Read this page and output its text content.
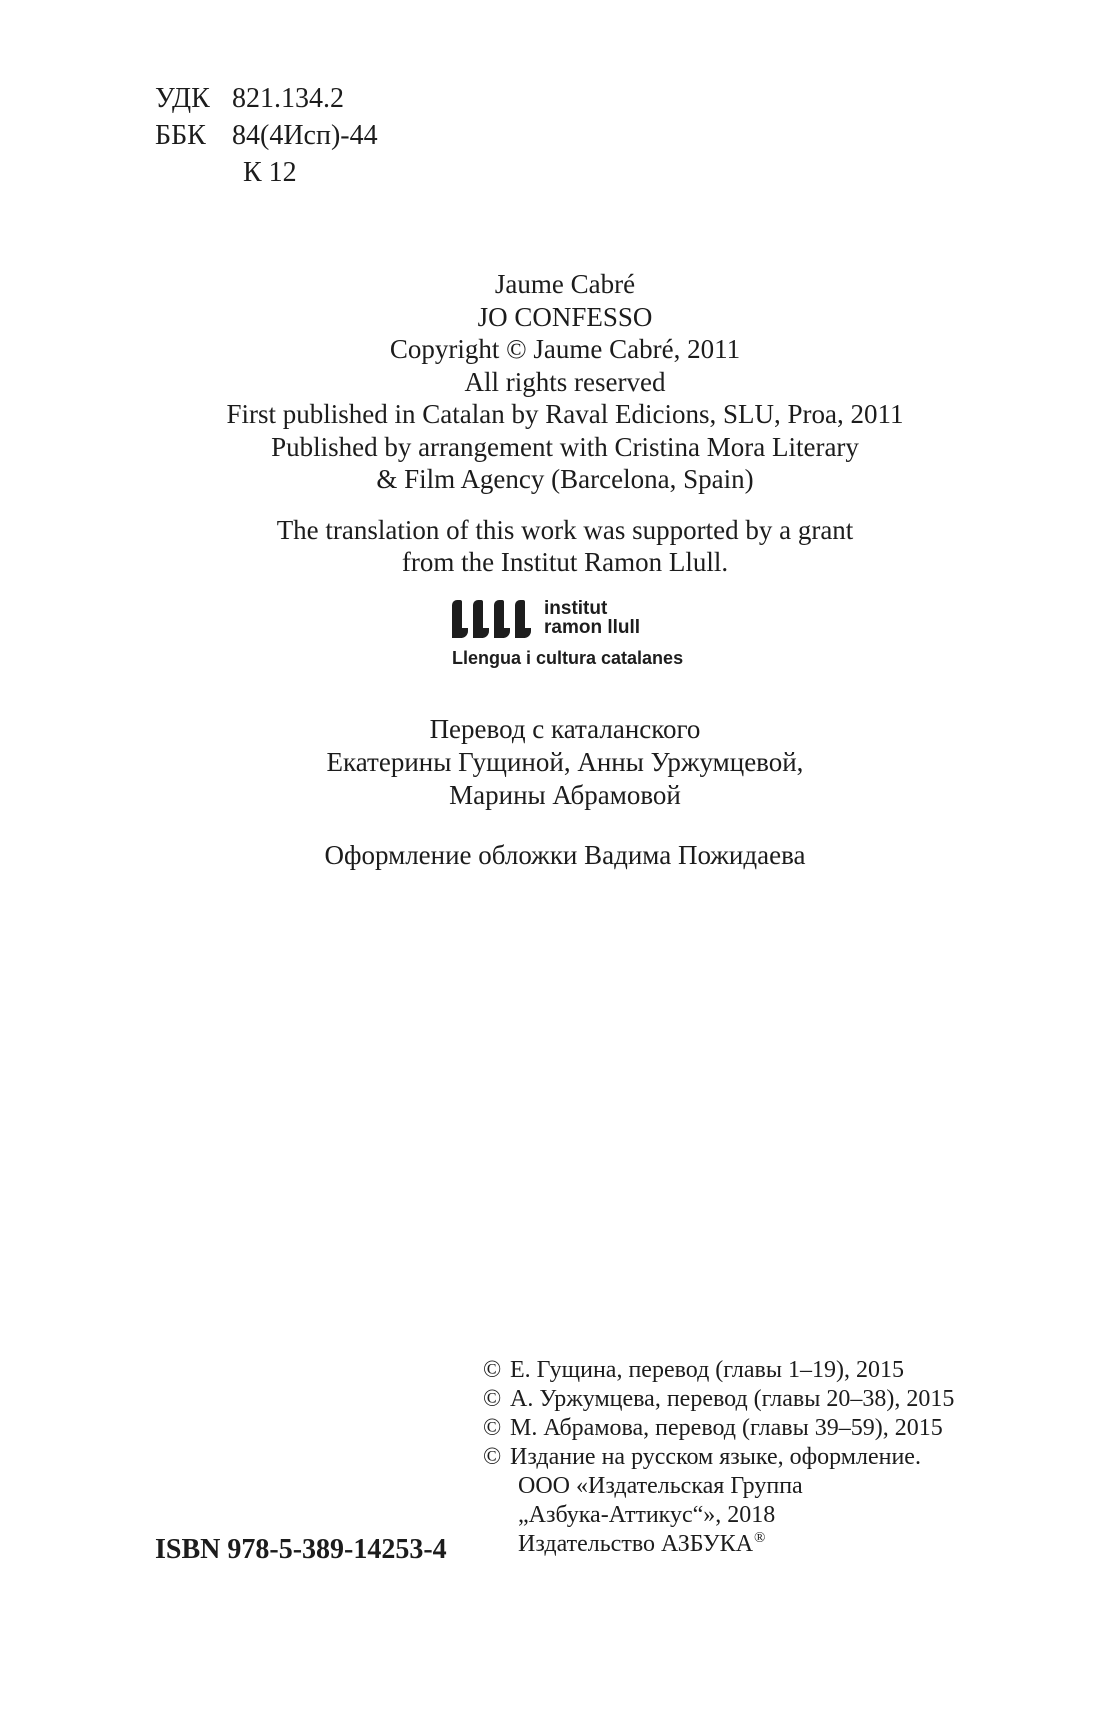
УДК 821.134.2
ББК 84(4Исп)-44
К 12
Jaume Cabré
JO CONFESSO
Copyright © Jaume Cabré, 2011
All rights reserved
First published in Catalan by Raval Edicions, SLU, Proa, 2011
Published by arrangement with Cristina Mora Literary
& Film Agency (Barcelona, Spain)
The translation of this work was supported by a grant
from the Institut Ramon Llull.
institut
ramon llull
Llengua i cultura catalanes
Перевод с каталанского
Екатерины Гущиной, Анны Уржумцевой,
Марины Абрамовой
Оформление обложки Вадима Пожидаева
© Е. Гущина, перевод (главы 1–19), 2015
© А. Уржумцева, перевод (главы 20–38), 2015
© М. Абрамова, перевод (главы 39–59), 2015
© Издание на русском языке, оформление.
ООО «Издательская Группа
„Азбука-Аттикус“», 2018
Издательство АЗБУКА®
ISBN 978-5-389-14253-4
